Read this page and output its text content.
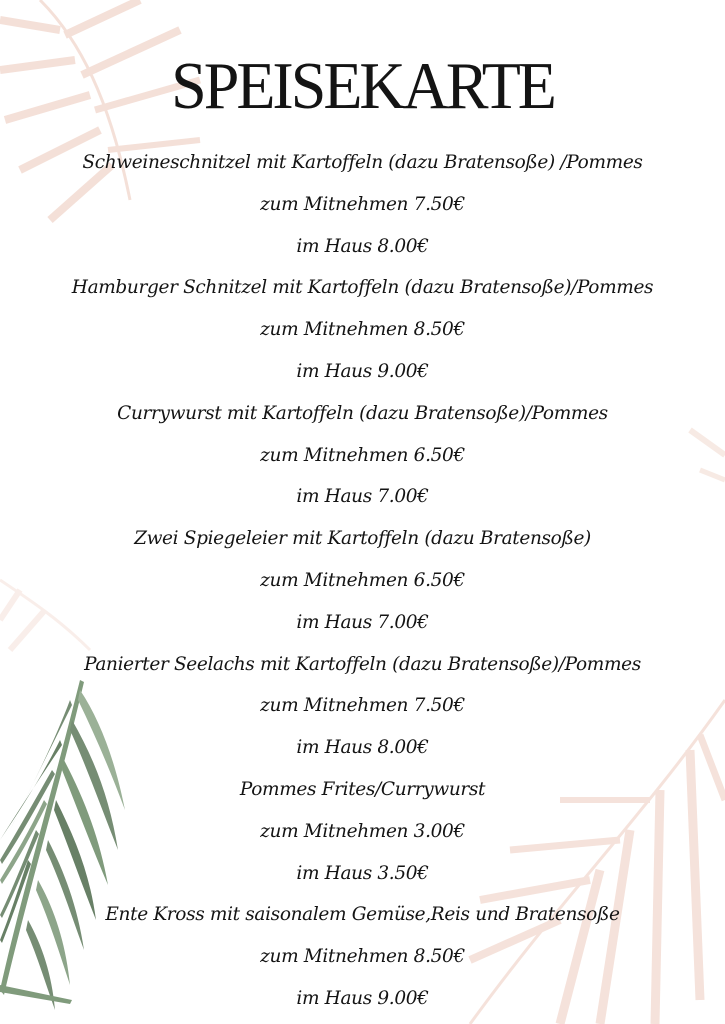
SPEISEKARTE
Schweineschnitzel mit Kartoffeln (dazu Bratensoße) /Pommes
zum Mitnehmen 7.50€
im Haus 8.00€
Hamburger Schnitzel mit Kartoffeln (dazu Bratensoße)/Pommes
zum Mitnehmen 8.50€
im Haus 9.00€
Currywurst mit Kartoffeln (dazu Bratensoße)/Pommes
zum Mitnehmen 6.50€
im Haus 7.00€
Zwei Spiegeleier mit Kartoffeln (dazu Bratensoße)
zum Mitnehmen 6.50€
im Haus 7.00€
Panierter Seelachs mit Kartoffeln (dazu Bratensoße)/Pommes
zum Mitnehmen 7.50€
im Haus 8.00€
Pommes Frites/Currywurst
zum Mitnehmen 3.00€
im Haus 3.50€
Ente Kross mit saisonalem Gemüse,Reis und Bratensoße
zum Mitnehmen 8.50€
im Haus 9.00€
